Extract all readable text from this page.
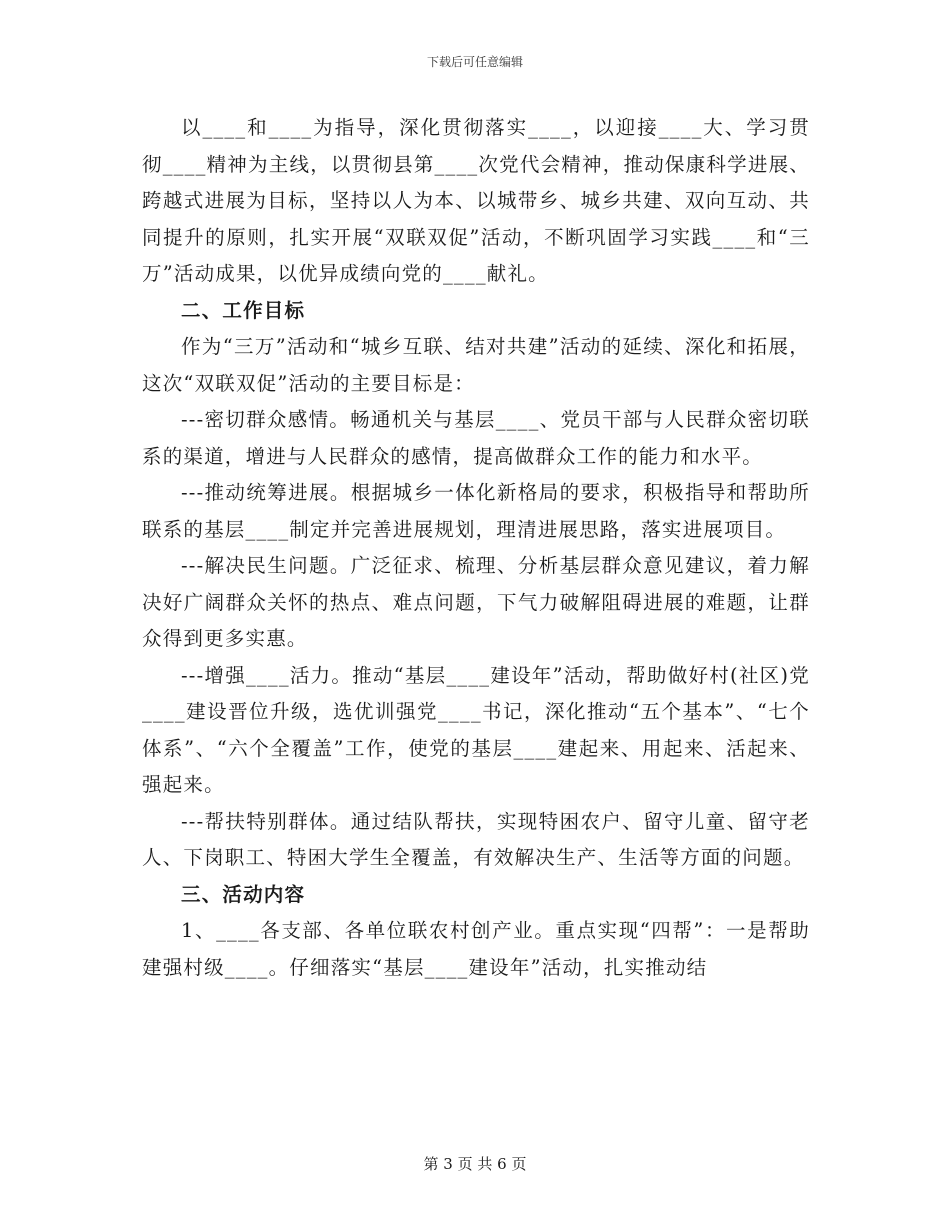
下载后可任意编辑

以____和____为指导，深化贯彻落实____，以迎接____大、学习贯彻____精神为主线，以贯彻县第____次党代会精神，推动保康科学进展、跨越式进展为目标，坚持以人为本、以城带乡、城乡共建、双向互动、共同提升的原则，扎实开展“双联双促”活动，不断巩固学习实践____和“三万”活动成果，以优异成绩向党的____献礼。

二、工作目标

作为“三万”活动和“城乡互联、结对共建”活动的延续、深化和拓展，这次“双联双促”活动的主要目标是：

---密切群众感情。畅通机关与基层____、党员干部与人民群众密切联系的渠道，增进与人民群众的感情，提高做群众工作的能力和水平。

---推动统筹进展。根据城乡一体化新格局的要求，积极指导和帮助所联系的基层____制定并完善进展规划，理清进展思路，落实进展项目。

---解决民生问题。广泛征求、梳理、分析基层群众意见建议，着力解决好广阔群众关怀的热点、难点问题，下气力破解阻碍进展的难题，让群众得到更多实惠。

---增强____活力。推动“基层____建设年”活动，帮助做好村(社区)党____建设晋位升级，选优训强党____书记，深化推动“五个基本”、“七个体系”、“六个全覆盖”工作，使党的基层____建起来、用起来、活起来、强起来。

---帮扶特别群体。通过结队帮扶，实现特困农户、留守儿童、留守老人、下岗职工、特困大学生全覆盖，有效解决生产、生活等方面的问题。

三、活动内容

1、____各支部、各单位联农村创产业。重点实现“四帮”：一是帮助建强村级____。仔细落实“基层____建设年”活动，扎实推动结

第 3 页 共 6 页
